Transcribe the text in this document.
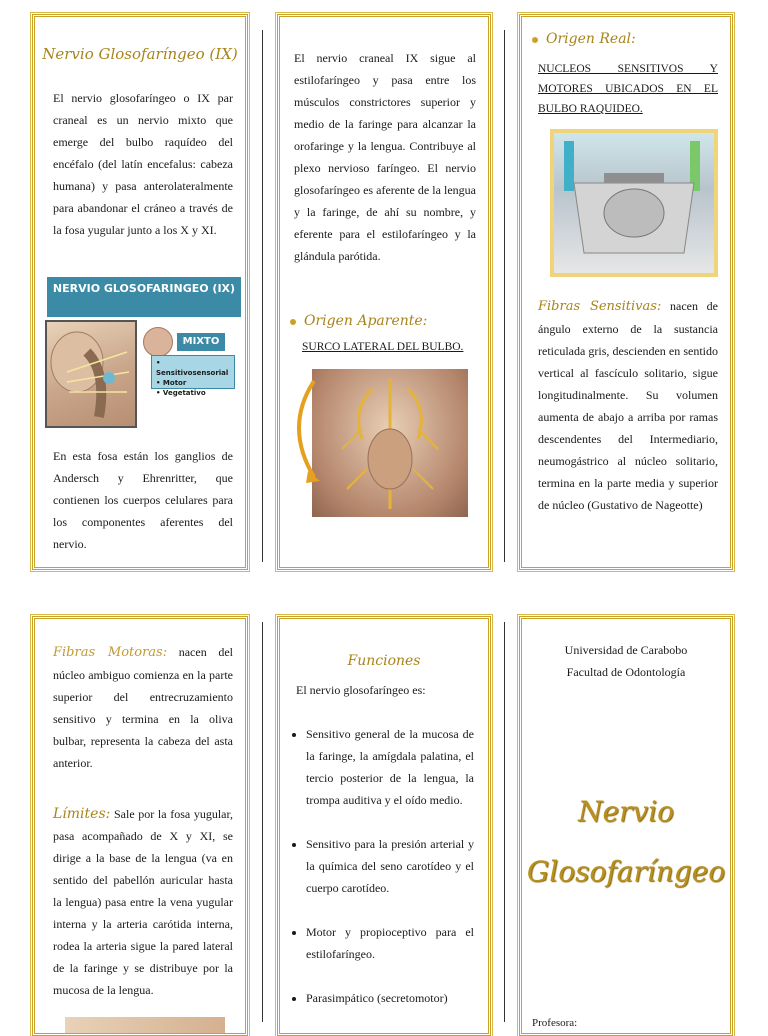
Nervio Glosofaríngeo (IX)

El nervio glosofaríngeo o IX par craneal es un nervio mixto que emerge del bulbo raquídeo del encéfalo (del latín encefalus: cabeza humana) y pasa anterolateralmente para abandonar el cráneo a través de la fosa yugular junto a los X y XI.

NERVIO GLOSOFARINGEO (IX)
MIXTO
• Sensitivosensorial
• Motor
• Vegetativo

En esta fosa están los ganglios de Andersch y Ehrenritter, que contienen los cuerpos celulares para los componentes aferentes del nervio.

El nervio craneal IX sigue al estilofaríngeo y pasa entre los músculos constrictores superior y medio de la faringe para alcanzar la orofaringe y la lengua. Contribuye al plexo nervioso faríngeo. El nervio glosofaríngeo es aferente de la lengua y la faringe, de ahí su nombre, y eferente para el estilofaríngeo y la glándula parótida.

Origen Aparente:
SURCO LATERAL DEL BULBO.
Origen Real:

NUCLEOS SENSITIVOS Y MOTORES UBICADOS EN EL BULBO RAQUIDEO.

Fibras Sensitivas: nacen de ángulo externo de la sustancia reticulada gris, descienden en sentido vertical al fascículo solitario, sigue longitudinalmente. Su volumen aumenta de abajo a arriba por ramas descendentes del Intermediario, neumogástrico al núcleo solitario, termina en la parte media y superior de núcleo (Gustativo de Nageotte)

Fibras Motoras: nacen del núcleo ambiguo comienza en la parte superior del entrecruzamiento sensitivo y termina en la oliva bulbar, representa la cabeza del asta anterior.

Límites: Sale por la fosa yugular, pasa acompañado de X y XI, se dirige a la base de la lengua (va en sentido del pabellón auricular hasta la lengua) pasa entre la vena yugular interna y la arteria carótida interna, rodea la arteria sigue la pared lateral de la faringe y se distribuye por la mucosa de la lengua.

Funciones
El nervio glosofaríngeo es:
• Sensitivo general de la mucosa de la faringe, la amígdala palatina, el tercio posterior de la lengua, la trompa auditiva y el oído medio.
• Sensitivo para la presión arterial y la química del seno carotídeo y el cuerpo carotídeo.
• Motor y propioceptivo para el estilofaríngeo.
• Parasimpático (secretomotor)
Universidad de Carabobo
Facultad de Odontología
Nervio
Glosofaríngeo
Profesora:
